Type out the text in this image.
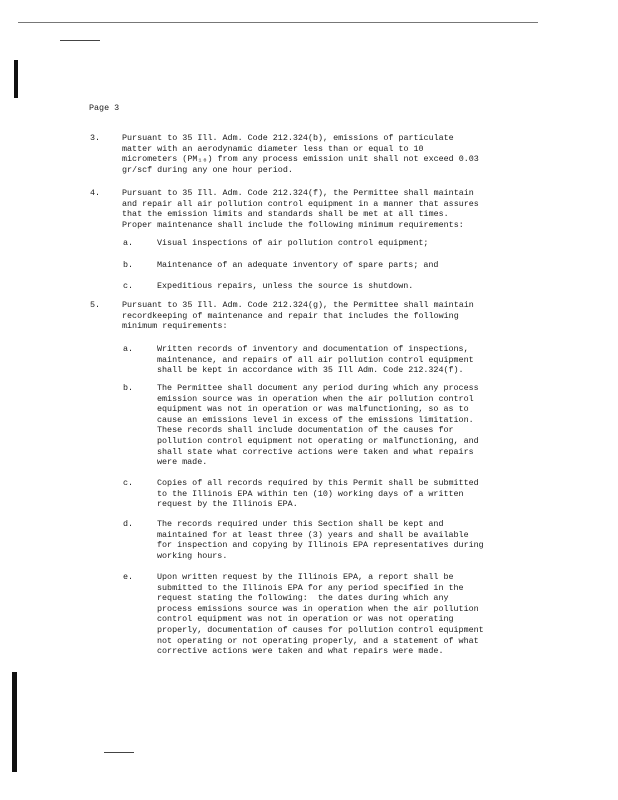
Page 3
3.	Pursuant to 35 Ill. Adm. Code 212.324(b), emissions of particulate
matter with an aerodynamic diameter less than or equal to 10
micrometers (PM₁₀) from any process emission unit shall not exceed 0.03
gr/scf during any one hour period.
4.	Pursuant to 35 Ill. Adm. Code 212.324(f), the Permittee shall maintain
and repair all air pollution control equipment in a manner that assures
that the emission limits and standards shall be met at all times.
Proper maintenance shall include the following minimum requirements:
a.	Visual inspections of air pollution control equipment;
b.	Maintenance of an adequate inventory of spare parts; and
c.	Expeditious repairs, unless the source is shutdown.
5.	Pursuant to 35 Ill. Adm. Code 212.324(g), the Permittee shall maintain
recordkeeping of maintenance and repair that includes the following
minimum requirements:
a.	Written records of inventory and documentation of inspections,
maintenance, and repairs of all air pollution control equipment
shall be kept in accordance with 35 Ill Adm. Code 212.324(f).
b.	The Permittee shall document any period during which any process
emission source was in operation when the air pollution control
equipment was not in operation or was malfunctioning, so as to
cause an emissions level in excess of the emissions limitation.
These records shall include documentation of the causes for
pollution control equipment not operating or malfunctioning, and
shall state what corrective actions were taken and what repairs
were made.
c.	Copies of all records required by this Permit shall be submitted
to the Illinois EPA within ten (10) working days of a written
request by the Illinois EPA.
d.	The records required under this Section shall be kept and
maintained for at least three (3) years and shall be available
for inspection and copying by Illinois EPA representatives during
working hours.
e.	Upon written request by the Illinois EPA, a report shall be
submitted to the Illinois EPA for any period specified in the
request stating the following:  the dates during which any
process emissions source was in operation when the air pollution
control equipment was not in operation or was not operating
properly, documentation of causes for pollution control equipment
not operating or not operating properly, and a statement of what
corrective actions were taken and what repairs were made.
